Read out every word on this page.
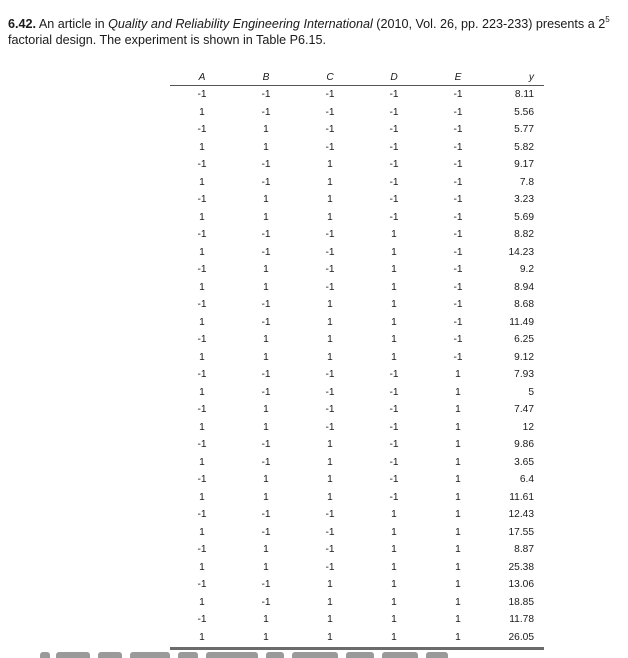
6.42. An article in Quality and Reliability Engineering International (2010, Vol. 26, pp. 223-233) presents a $2^5$
factorial design. The experiment is shown in Table P6.15.
A	B	C	D	E	y
-1	-1	-1	-1	-1	8.11
1	-1	-1	-1	-1	5.56
-1	1	-1	-1	-1	5.77
1	1	-1	-1	-1	5.82
-1	-1	1	-1	-1	9.17
1	-1	1	-1	-1	7.8
-1	1	1	-1	-1	3.23
1	1	1	-1	-1	5.69
-1	-1	-1	1	-1	8.82
1	-1	-1	1	-1	14.23
-1	1	-1	1	-1	9.2
1	1	-1	1	-1	8.94
-1	-1	1	1	-1	8.68
1	-1	1	1	-1	11.49
-1	1	1	1	-1	6.25
1	1	1	1	-1	9.12
-1	-1	-1	-1	1	7.93
1	-1	-1	-1	1	5
-1	1	-1	-1	1	7.47
1	1	-1	-1	1	12
-1	-1	1	-1	1	9.86
1	-1	1	-1	1	3.65
-1	1	1	-1	1	6.4
1	1	1	-1	1	11.61
-1	-1	-1	1	1	12.43
1	-1	-1	1	1	17.55
-1	1	-1	1	1	8.87
1	1	-1	1	1	25.38
-1	-1	1	1	1	13.06
1	-1	1	1	1	18.85
-1	1	1	1	1	11.78
1	1	1	1	1	26.05
